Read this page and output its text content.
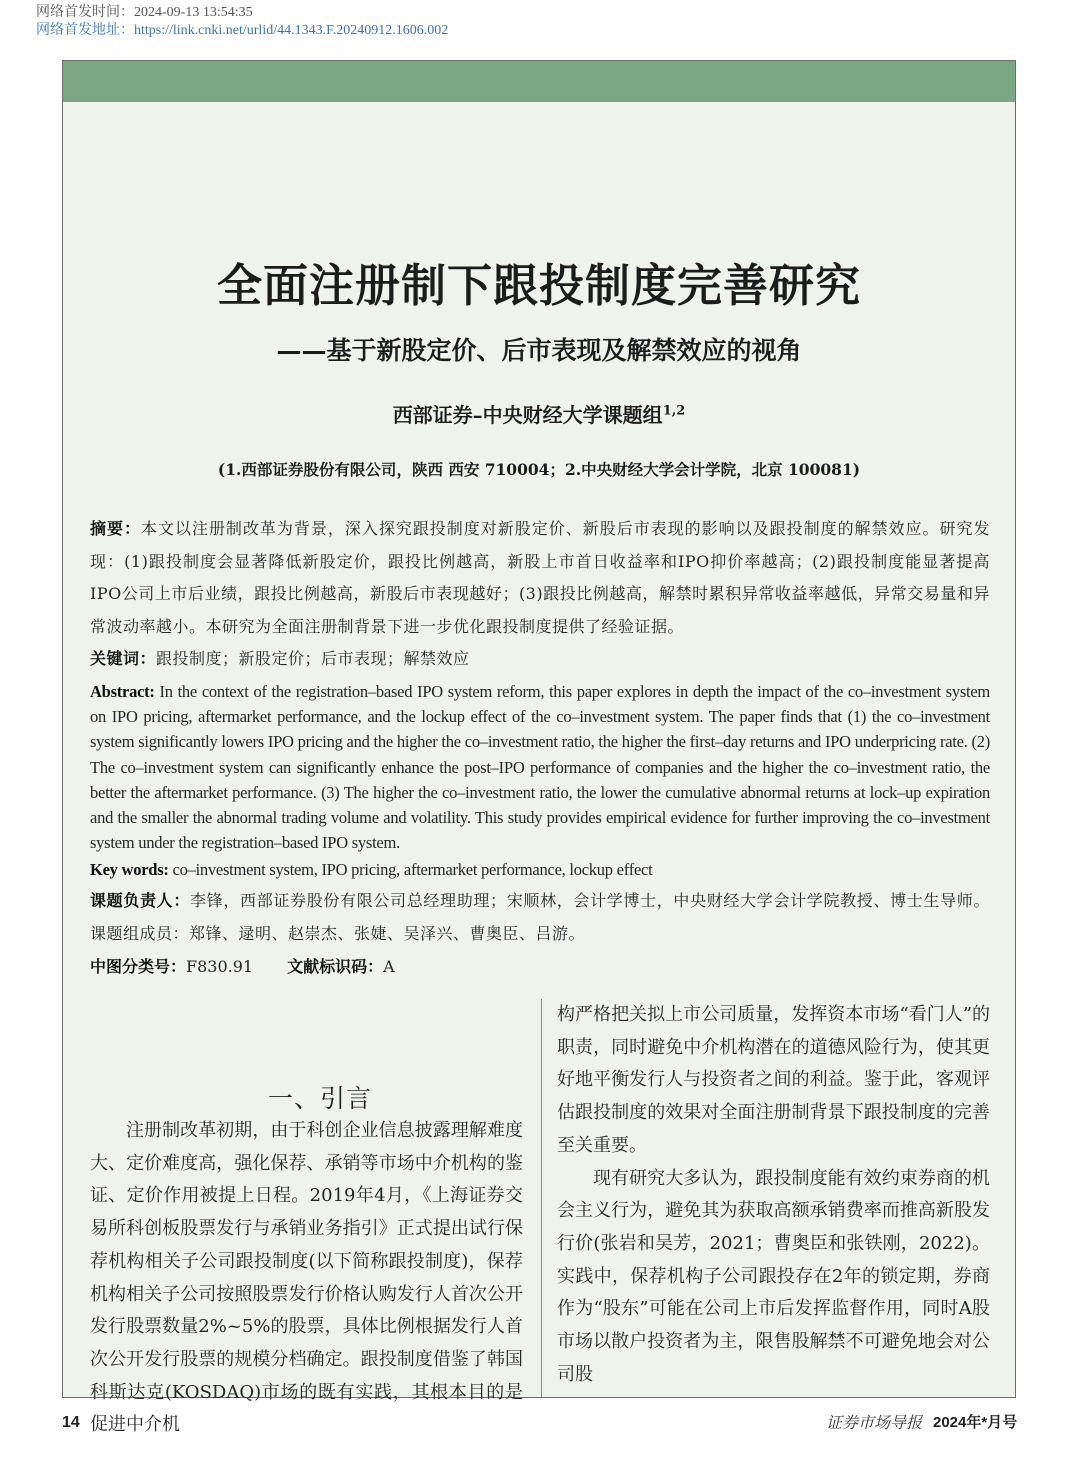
网络首发时间：2024-09-13 13:54:35
网络首发地址：https://link.cnki.net/urlid/44.1343.F.20240912.1606.002
全面注册制下跟投制度完善研究
——基于新股定价、后市表现及解禁效应的视角
西部证券–中央财经大学课题组$^{1,2}$
(1.西部证券股份有限公司，陕西 西安 710004；2.中央财经大学会计学院，北京 100081)
摘要：本文以注册制改革为背景，深入探究跟投制度对新股定价、新股后市表现的影响以及跟投制度的解禁效应。研究发现：(1)跟投制度会显著降低新股定价，跟投比例越高，新股上市首日收益率和IPO抑价率越高；(2)跟投制度能显著提高IPO公司上市后业绩，跟投比例越高，新股后市表现越好；(3)跟投比例越高，解禁时累积异常收益率越低，异常交易量和异常波动率越小。本研究为全面注册制背景下进一步优化跟投制度提供了经验证据。
关键词：跟投制度；新股定价；后市表现；解禁效应
Abstract: In the context of the registration–based IPO system reform, this paper explores in depth the impact of the co–investment system on IPO pricing, aftermarket performance, and the lockup effect of the co–investment system. The paper finds that (1) the co–investment system significantly lowers IPO pricing and the higher the co–investment ratio, the higher the first–day returns and IPO underpricing rate. (2) The co–investment system can significantly enhance the post–IPO performance of companies and the higher the co–investment ratio, the better the aftermarket performance. (3) The higher the co–investment ratio, the lower the cumulative abnormal returns at lock–up expiration and the smaller the abnormal trading volume and volatility. This study provides empirical evidence for further improving the co–investment system under the registration–based IPO system.
Key words: co–investment system, IPO pricing, aftermarket performance, lockup effect
课题负责人：李锋，西部证券股份有限公司总经理助理；宋顺林，会计学博士，中央财经大学会计学院教授、博士生导师。课题组成员：郑锋、逯明、赵崇杰、张婕、吴泽兴、曹奥臣、吕游。
中图分类号：F830.91 文献标识码：A
一、引言

注册制改革初期，由于科创企业信息披露理解难度大、定价难度高，强化保荐、承销等市场中介机构的鉴证、定价作用被提上日程。2019年4月，《上海证券交易所科创板股票发行与承销业务指引》正式提出试行保荐机构相关子公司跟投制度(以下简称跟投制度)，保荐机构相关子公司按照股票发行价格认购发行人首次公开发行股票数量2%~5%的股票，具体比例根据发行人首次公开发行股票的规模分档确定。跟投制度借鉴了韩国科斯达克(KOSDAQ)市场的既有实践，其根本目的是促进中介机

构严格把关拟上市公司质量，发挥资本市场“看门人”的职责，同时避免中介机构潜在的道德风险行为，使其更好地平衡发行人与投资者之间的利益。鉴于此，客观评估跟投制度的效果对全面注册制背景下跟投制度的完善至关重要。

现有研究大多认为，跟投制度能有效约束券商的机会主义行为，避免其为获取高额承销费率而推高新股发行价(张岩和吴芳，2021；曹奥臣和张铁刚，2022)。实践中，保荐机构子公司跟投存在2年的锁定期，券商作为“股东”可能在公司上市后发挥监督作用，同时A股市场以散户投资者为主，限售股解禁不可避免地会对公司股

14	证券市场导报 2024年*月号
